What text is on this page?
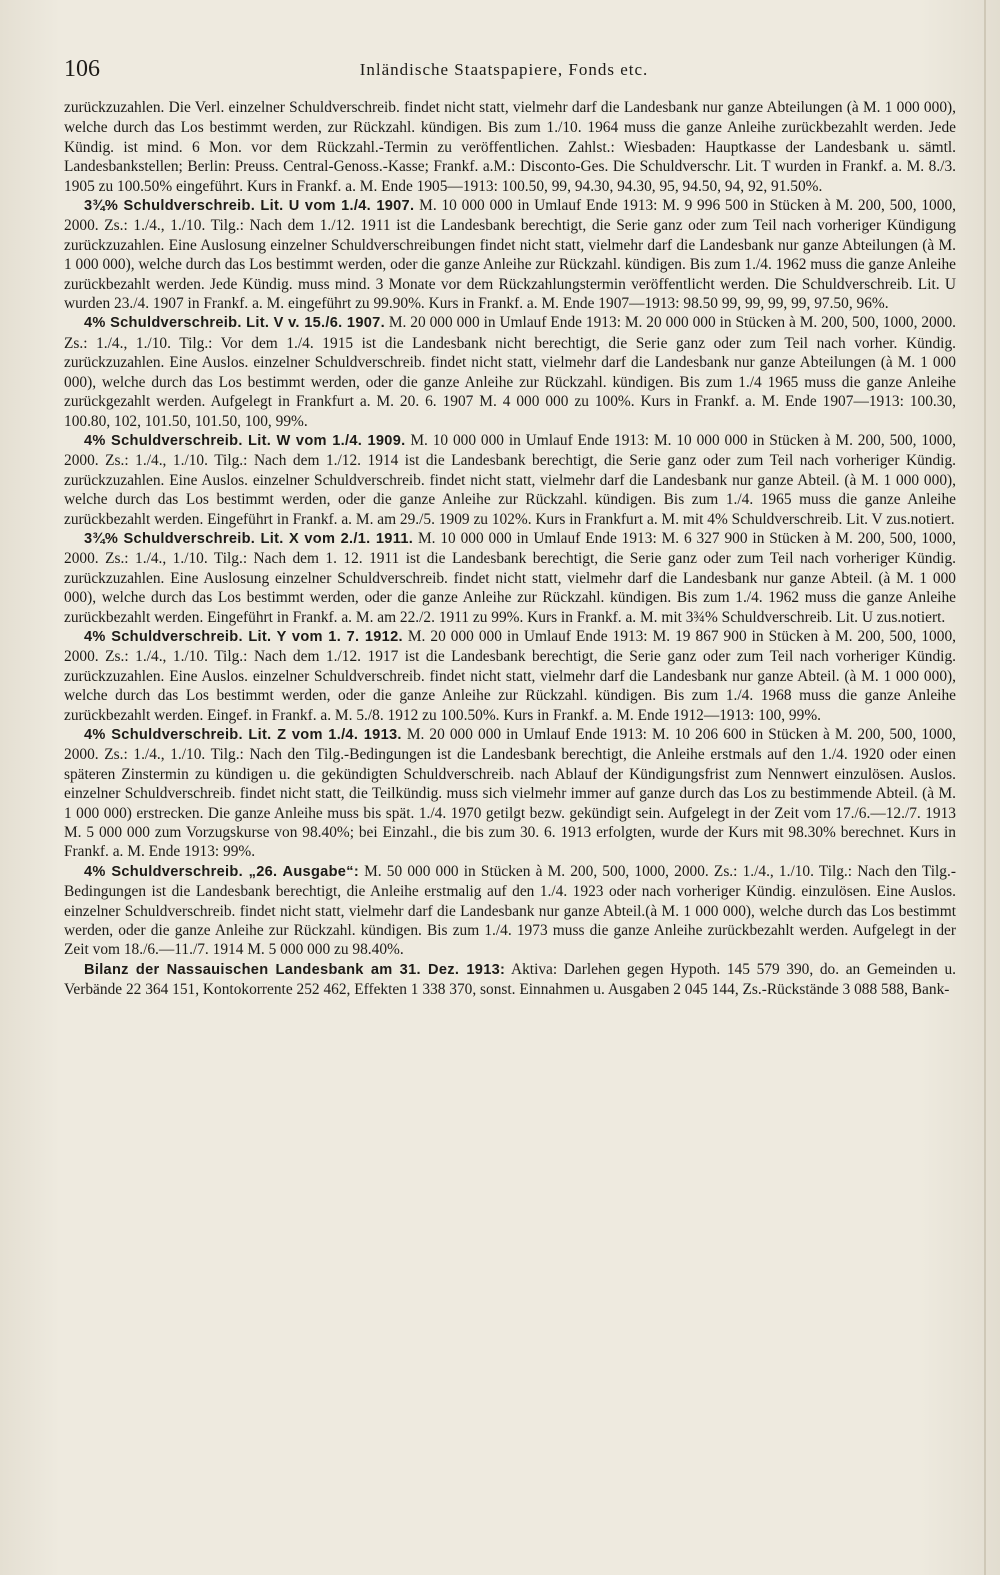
106	Inländische Staatspapiere, Fonds etc.

zurückzuzahlen. Die Verl. einzelner Schuldverschreib. findet nicht statt, vielmehr darf die Landesbank nur ganze Abteilungen (à M. 1 000 000), welche durch das Los bestimmt werden, zur Rückzahl. kündigen. Bis zum 1./10. 1964 muss die ganze Anleihe zurückbezahlt werden. Jede Kündig. ist mind. 6 Mon. vor dem Rückzahl.-Termin zu veröffentlichen. Zahlst.: Wiesbaden: Hauptkasse der Landesbank u. sämtl. Landesbankstellen; Berlin: Preuss. Central-Genoss.-Kasse; Frankf. a.M.: Disconto-Ges. Die Schuldverschr. Lit. T wurden in Frankf. a. M. 8./3. 1905 zu 100.50% eingeführt. Kurs in Frankf. a. M. Ende 1905—1913: 100.50, 99, 94.30, 94.30, 95, 94.50, 94, 92, 91.50%.

3¾% Schuldverschreib. Lit. U vom 1./4. 1907. M. 10 000 000 in Umlauf Ende 1913: M. 9 996 500 in Stücken à M. 200, 500, 1000, 2000. Zs.: 1./4., 1./10. Tilg.: Nach dem 1./12. 1911 ist die Landesbank berechtigt, die Serie ganz oder zum Teil nach vorheriger Kündigung zurückzuzahlen. Eine Auslosung einzelner Schuldverschreibungen findet nicht statt, vielmehr darf die Landesbank nur ganze Abteilungen (à M. 1 000 000), welche durch das Los bestimmt werden, oder die ganze Anleihe zur Rückzahl. kündigen. Bis zum 1./4. 1962 muss die ganze Anleihe zurückbezahlt werden. Jede Kündig. muss mind. 3 Monate vor dem Rückzahlungstermin veröffentlicht werden. Die Schuldverschreib. Lit. U wurden 23./4. 1907 in Frankf. a. M. eingeführt zu 99.90%. Kurs in Frankf. a. M. Ende 1907—1913: 98.50 99, 99, 99, 99, 97.50, 96%.

4% Schuldverschreib. Lit. V v. 15./6. 1907. M. 20 000 000 in Umlauf Ende 1913: M. 20 000 000 in Stücken à M. 200, 500, 1000, 2000. Zs.: 1./4., 1./10. Tilg.: Vor dem 1./4. 1915 ist die Landesbank nicht berechtigt, die Serie ganz oder zum Teil nach vorher. Kündig. zurückzuzahlen. Eine Auslos. einzelner Schuldverschreib. findet nicht statt, vielmehr darf die Landesbank nur ganze Abteilungen (à M. 1 000 000), welche durch das Los bestimmt werden, oder die ganze Anleihe zur Rückzahl. kündigen. Bis zum 1./4 1965 muss die ganze Anleihe zurückgezahlt werden. Aufgelegt in Frankfurt a. M. 20. 6. 1907 M. 4 000 000 zu 100%. Kurs in Frankf. a. M. Ende 1907—1913: 100.30, 100.80, 102, 101.50, 101.50, 100, 99%.

4% Schuldverschreib. Lit. W vom 1./4. 1909. M. 10 000 000 in Umlauf Ende 1913: M. 10 000 000 in Stücken à M. 200, 500, 1000, 2000. Zs.: 1./4., 1./10. Tilg.: Nach dem 1./12. 1914 ist die Landesbank berechtigt, die Serie ganz oder zum Teil nach vorheriger Kündig. zurückzuzahlen. Eine Auslos. einzelner Schuldverschreib. findet nicht statt, vielmehr darf die Landesbank nur ganze Abteil. (à M. 1 000 000), welche durch das Los bestimmt werden, oder die ganze Anleihe zur Rückzahl. kündigen. Bis zum 1./4. 1965 muss die ganze Anleihe zurückbezahlt werden. Eingeführt in Frankf. a. M. am 29./5. 1909 zu 102%. Kurs in Frankfurt a. M. mit 4% Schuldverschreib. Lit. V zus.notiert.

3¾% Schuldverschreib. Lit. X vom 2./1. 1911. M. 10 000 000 in Umlauf Ende 1913: M. 6 327 900 in Stücken à M. 200, 500, 1000, 2000. Zs.: 1./4., 1./10. Tilg.: Nach dem 1. 12. 1911 ist die Landesbank berechtigt, die Serie ganz oder zum Teil nach vorheriger Kündig. zurückzuzahlen. Eine Auslosung einzelner Schuldverschreib. findet nicht statt, vielmehr darf die Landesbank nur ganze Abteil. (à M. 1 000 000), welche durch das Los bestimmt werden, oder die ganze Anleihe zur Rückzahl. kündigen. Bis zum 1./4. 1962 muss die ganze Anleihe zurückbezahlt werden. Eingeführt in Frankf. a. M. am 22./2. 1911 zu 99%. Kurs in Frankf. a. M. mit 3¾% Schuldverschreib. Lit. U zus.notiert.

4% Schuldverschreib. Lit. Y vom 1. 7. 1912. M. 20 000 000 in Umlauf Ende 1913: M. 19 867 900 in Stücken à M. 200, 500, 1000, 2000. Zs.: 1./4., 1./10. Tilg.: Nach dem 1./12. 1917 ist die Landesbank berechtigt, die Serie ganz oder zum Teil nach vorheriger Kündig. zurückzuzahlen. Eine Auslos. einzelner Schuldverschreib. findet nicht statt, vielmehr darf die Landesbank nur ganze Abteil. (à M. 1 000 000), welche durch das Los bestimmt werden, oder die ganze Anleihe zur Rückzahl. kündigen. Bis zum 1./4. 1968 muss die ganze Anleihe zurückbezahlt werden. Eingef. in Frankf. a. M. 5./8. 1912 zu 100.50%. Kurs in Frankf. a. M. Ende 1912—1913: 100, 99%.

4% Schuldverschreib. Lit. Z vom 1./4. 1913. M. 20 000 000 in Umlauf Ende 1913: M. 10 206 600 in Stücken à M. 200, 500, 1000, 2000. Zs.: 1./4., 1./10. Tilg.: Nach den Tilg.-Bedingungen ist die Landesbank berechtigt, die Anleihe erstmals auf den 1./4. 1920 oder einen späteren Zinstermin zu kündigen u. die gekündigten Schuldverschreib. nach Ablauf der Kündigungsfrist zum Nennwert einzulösen. Auslos. einzelner Schuldverschreib. findet nicht statt, die Teilkündig. muss sich vielmehr immer auf ganze durch das Los zu bestimmende Abteil. (à M. 1 000 000) erstrecken. Die ganze Anleihe muss bis spät. 1./4. 1970 getilgt bezw. gekündigt sein. Aufgelegt in der Zeit vom 17./6.—12./7. 1913 M. 5 000 000 zum Vorzugskurse von 98.40%; bei Einzahl., die bis zum 30. 6. 1913 erfolgten, wurde der Kurs mit 98.30% berechnet. Kurs in Frankf. a. M. Ende 1913: 99%.

4% Schuldverschreib. „26. Ausgabe“: M. 50 000 000 in Stücken à M. 200, 500, 1000, 2000. Zs.: 1./4., 1./10. Tilg.: Nach den Tilg.-Bedingungen ist die Landesbank berechtigt, die Anleihe erstmalig auf den 1./4. 1923 oder nach vorheriger Kündig. einzulösen. Eine Auslos. einzelner Schuldverschreib. findet nicht statt, vielmehr darf die Landesbank nur ganze Abteil.(à M. 1 000 000), welche durch das Los bestimmt werden, oder die ganze Anleihe zur Rückzahl. kündigen. Bis zum 1./4. 1973 muss die ganze Anleihe zurückbezahlt werden. Aufgelegt in der Zeit vom 18./6.—11./7. 1914 M. 5 000 000 zu 98.40%.

Bilanz der Nassauischen Landesbank am 31. Dez. 1913: Aktiva: Darlehen gegen Hypoth. 145 579 390, do. an Gemeinden u. Verbände 22 364 151, Kontokorrente 252 462, Effekten 1 338 370, sonst. Einnahmen u. Ausgaben 2 045 144, Zs.-Rückstände 3 088 588, Bank-
